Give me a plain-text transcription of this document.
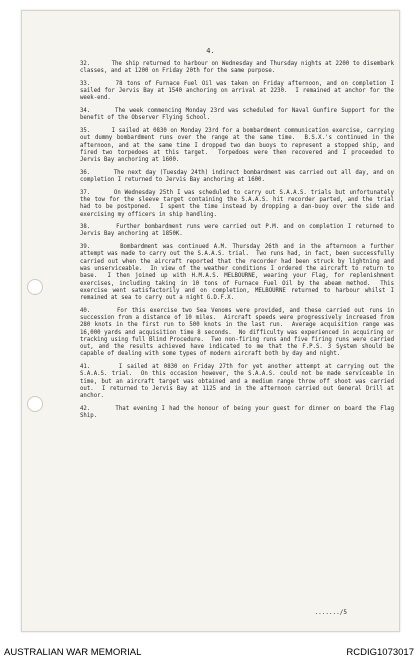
4.

32.      The ship returned to harbour on Wednesday and Thursday nights at 2200 to disembark classes, and at 1200 on Friday 20th for the same purpose.

33.      78 tons of Furnace Fuel Oil was taken on Friday afternoon, and on completion I sailed for Jervis Bay at 1540 anchoring on arrival at 2230.  I remained at anchor for the week-end.

34.      The week commencing Monday 23rd was scheduled for Naval Gunfire Support for the benefit of the Observer Flying School.

35.      I sailed at 0830 on Monday 23rd for a bombardment communication exercise, carrying out dummy bombardment runs over the range at the same time.  B.S.X.'s continued in the afternoon, and at the same time I dropped two dan buoys to represent a stopped ship, and fired two torpedoes at this target.  Torpedoes were then recovered and I proceeded to Jervis Bay anchoring at 1600.

36.      The next day (Tuesday 24th) indirect bombardment was carried out all day, and on completion I returned to Jervis Bay anchoring at 1600.

37.      On Wednesday 25th I was scheduled to carry out S.A.A.S. trials but unfortunately the tow for the sleeve target containing the S.A.A.S. hit recorder parted, and the trial had to be postponed.  I spent the time instead by dropping a dan-buoy over the side and exercising my officers in ship handling.

38.      Further bombardment runs were carried out P.M. and on completion I returned to Jervis Bay anchoring at 1850K.

39.      Bombardment was continued A.M. Thursday 26th and in the afternoon a further attempt was made to carry out the S.A.A.S. trial.  Two runs had, in fact, been successfully carried out when the aircraft reported that the recorder had been struck by lightning and was unserviceable.  In view of the weather conditions I ordered the aircraft to return to base.  I then joined up with H.M.A.S. MELBOURNE, wearing your Flag, for replenishment exercises, including taking in 10 tons of Furnace Fuel Oil by the abeam method.  This exercise went satisfactorily and on completion, MELBOURNE returned to harbour whilst I remained at sea to carry out a night G.D.F.X.

40.      For this exercise two Sea Venoms were provided, and these carried out runs in succession from a distance of 10 miles.  Aircraft speeds were progressively increased from 280 knots in the first run to 500 knots in the last run.  Average acquisition range was 16,000 yards and acquisition time 8 seconds.  No difficulty was experienced in acquiring or tracking using full Blind Procedure.  Two non-firing runs and five firing runs were carried out, and the results achieved have indicated to me that the F.P.S. 3 System should be capable of dealing with some types of modern aircraft both by day and night.

41.      I sailed at 0830 on Friday 27th for yet another attempt at carrying out the S.A.A.S. trial.  On this occasion however, the S.A.A.S. could not be made serviceable in time, but an aircraft target was obtained and a medium range throw off shoot was carried out.  I returned to Jervis Bay at 1125 and in the afternoon carried out General Drill at anchor.

42.      That evening I had the honour of being your guest for dinner on board the Flag Ship.

......./5
AUSTRALIAN WAR MEMORIAL	RCDIG1073017
